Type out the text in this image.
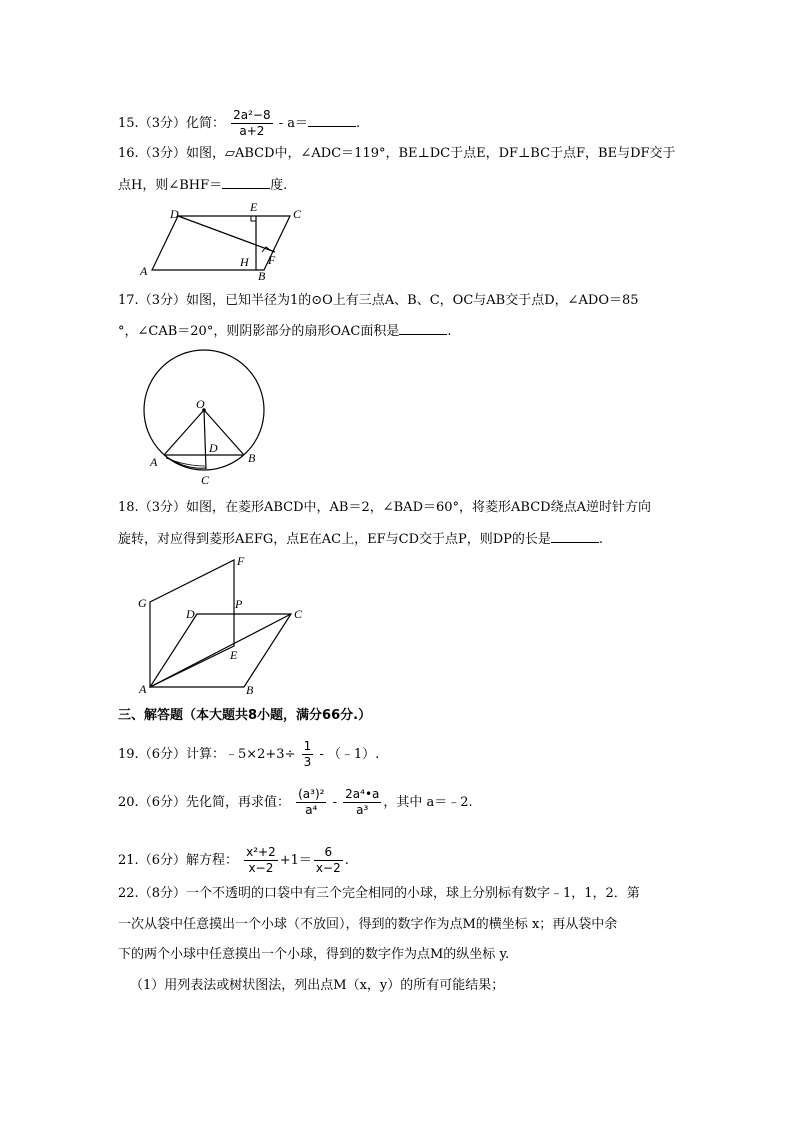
15.（3分）化简： $\frac{\text{2a²−8}}{a+2} - a=$	.
16.（3分）如图，▱ABCD中，∠ADC＝119°，BE⊥DC于点E，DF⊥BC于点F，BE与DF交于
点H，则∠BHF＝	度.
A
D	E	C
H
B
F
17.（3分）如图，已知半径为1的⊙O上有三点A、B、C，OC与AB交于点D，∠ADO＝85
°，∠CAB＝20°，则阴影部分的扇形OAC面积是	.
O
A	B
D
C
18.（3分）如图，在菱形ABCD中，AB＝2，∠BAD＝60°，将菱形ABCD绕点A逆时针方向
旋转，对应得到菱形AEFG，点E在AC上，EF与CD交于点P，则DP的长是	.
A	B
C
D
E
F
G	P
三、解答题（本大题共8小题，满分66分.）
19.（6分）计算：﹣5×2+3÷ $\frac{1}{3}$ - （﹣1）.
20.（6分）先化简，再求值： $\frac{\text{(a³)²}}{\text{a⁴}} - \frac{\text{2a⁴•a}}{\text{a³}}$ ，其中 a＝﹣2.
21.（6分）解方程： $\frac{\text{x²+2}}{x-2} +1= \frac{6}{x-2}$ .
22.（8分）一个不透明的口袋中有三个完全相同的小球，球上分别标有数字﹣1，1，2．第
一次从袋中任意摸出一个小球（不放回），得到的数字作为点M的横坐标 x；再从袋中余
下的两个小球中任意摸出一个小球，得到的数字作为点M的纵坐标 y.
（1）用列表法或树状图法，列出点M（x，y）的所有可能结果；
